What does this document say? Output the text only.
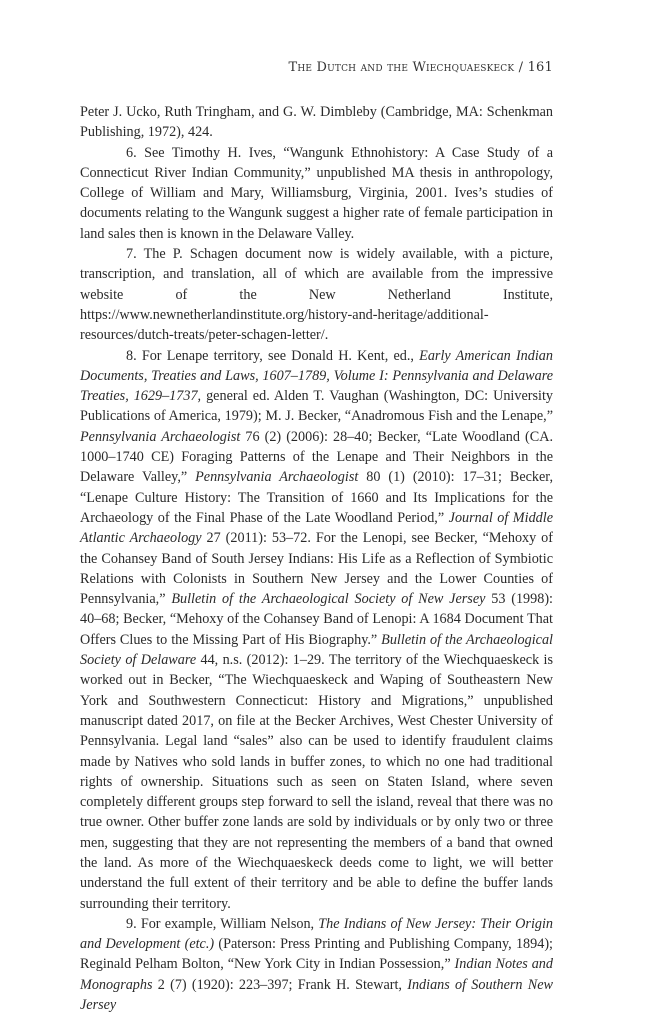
The Dutch and the Wiechquaeskeck / 161

Peter J. Ucko, Ruth Tringham, and G. W. Dimbleby (Cambridge, MA: Schenkman Publishing, 1972), 424.

6. See Timothy H. Ives, “Wangunk Ethnohistory: A Case Study of a Connecticut River Indian Community,” unpublished MA thesis in anthropology, College of William and Mary, Williamsburg, Virginia, 2001. Ives’s studies of documents relating to the Wangunk suggest a higher rate of female participation in land sales then is known in the Delaware Valley.

7. The P. Schagen document now is widely available, with a picture, transcription, and translation, all of which are available from the impressive website of the New Netherland Institute, https://www.newnetherlandinstitute.org/history-and-heritage/additional-resources/dutch-treats/peter-schagen-letter/.

8. For Lenape territory, see Donald H. Kent, ed., Early American Indian Documents, Treaties and Laws, 1607–1789, Volume I: Pennsylvania and Delaware Treaties, 1629–1737, general ed. Alden T. Vaughan (Washington, DC: University Publications of America, 1979); M. J. Becker, “Anadromous Fish and the Lenape,” Pennsylvania Archaeologist 76 (2) (2006): 28–40; Becker, “Late Woodland (CA. 1000–1740 CE) Foraging Patterns of the Lenape and Their Neighbors in the Delaware Valley,” Pennsylvania Archaeologist 80 (1) (2010): 17–31; Becker, “Lenape Culture History: The Transition of 1660 and Its Implications for the Archaeology of the Final Phase of the Late Woodland Period,” Journal of Middle Atlantic Archaeology 27 (2011): 53–72. For the Lenopi, see Becker, “Mehoxy of the Cohansey Band of South Jersey Indians: His Life as a Reflection of Symbiotic Relations with Colonists in Southern New Jersey and the Lower Counties of Pennsylvania,” Bulletin of the Archaeological Society of New Jersey 53 (1998): 40–68; Becker, “Mehoxy of the Cohansey Band of Lenopi: A 1684 Document That Offers Clues to the Missing Part of His Biography.” Bulletin of the Archaeological Society of Delaware 44, n.s. (2012): 1–29. The territory of the Wiechquaeskeck is worked out in Becker, “The Wiechquaeskeck and Waping of Southeastern New York and Southwestern Connecticut: History and Migrations,” unpublished manuscript dated 2017, on file at the Becker Archives, West Chester University of Pennsylvania. Legal land “sales” also can be used to identify fraudulent claims made by Natives who sold lands in buffer zones, to which no one had traditional rights of ownership. Situations such as seen on Staten Island, where seven completely different groups step forward to sell the island, reveal that there was no true owner. Other buffer zone lands are sold by individuals or by only two or three men, suggesting that they are not representing the members of a band that owned the land. As more of the Wiechquaeskeck deeds come to light, we will better understand the full extent of their territory and be able to define the buffer lands surrounding their territory.

9. For example, William Nelson, The Indians of New Jersey: Their Origin and Development (etc.) (Paterson: Press Printing and Publishing Company, 1894); Reginald Pelham Bolton, “New York City in Indian Possession,” Indian Notes and Monographs 2 (7) (1920): 223–397; Frank H. Stewart, Indians of Southern New Jersey
